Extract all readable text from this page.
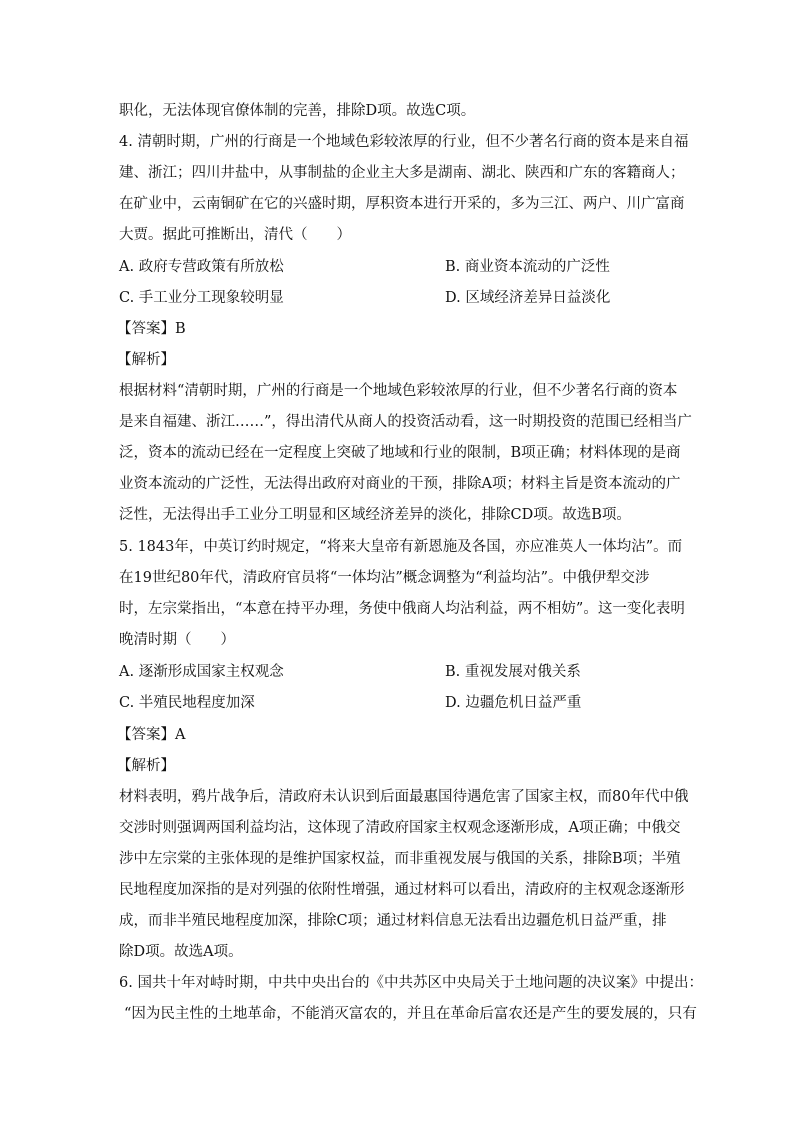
职化，无法体现官僚体制的完善，排除D项。故选C项。
4. 清朝时期，广州的行商是一个地域色彩较浓厚的行业，但不少著名行商的资本是来自福
建、浙江；四川井盐中，从事制盐的企业主大多是湖南、湖北、陕西和广东的客籍商人；
在矿业中，云南铜矿在它的兴盛时期，厚积资本进行开采的，多为三江、两户、川广富商
大贾。据此可推断出，清代（　　）
A. 政府专营政策有所放松	B. 商业资本流动的广泛性
C. 手工业分工现象较明显	D. 区域经济差异日益淡化
【答案】B
【解析】
根据材料“清朝时期，广州的行商是一个地域色彩较浓厚的行业，但不少著名行商的资本
是来自福建、浙江……”，得出清代从商人的投资活动看，这一时期投资的范围已经相当广
泛，资本的流动已经在一定程度上突破了地域和行业的限制，B项正确；材料体现的是商
业资本流动的广泛性，无法得出政府对商业的干预，排除A项；材料主旨是资本流动的广
泛性，无法得出手工业分工明显和区域经济差异的淡化，排除CD项。故选B项。
5. 1843年，中英订约时规定，“将来大皇帝有新恩施及各国，亦应准英人一体均沾”。而
在19世纪80年代，清政府官员将“一体均沾”概念调整为“利益均沾”。中俄伊犁交涉
时，左宗棠指出，“本意在持平办理，务使中俄商人均沾利益，两不相妨”。这一变化表明
晚清时期（　　）
A. 逐渐形成国家主权观念	B. 重视发展对俄关系
C. 半殖民地程度加深	D. 边疆危机日益严重
【答案】A
【解析】
材料表明，鸦片战争后，清政府未认识到后面最惠国待遇危害了国家主权，而80年代中俄
交涉时则强调两国利益均沾，这体现了清政府国家主权观念逐渐形成，A项正确；中俄交
涉中左宗棠的主张体现的是维护国家权益，而非重视发展与俄国的关系，排除B项；半殖
民地程度加深指的是对列强的依附性增强，通过材料可以看出，清政府的主权观念逐渐形
成，而非半殖民地程度加深，排除C项；通过材料信息无法看出边疆危机日益严重，排
除D项。故选A项。
6. 国共十年对峙时期，中共中央出台的《中共苏区中央局关于土地问题的决议案》中提出：
“因为民主性的土地革命，不能消灭富农的，并且在革命后富农还是产生的要发展的，只有
